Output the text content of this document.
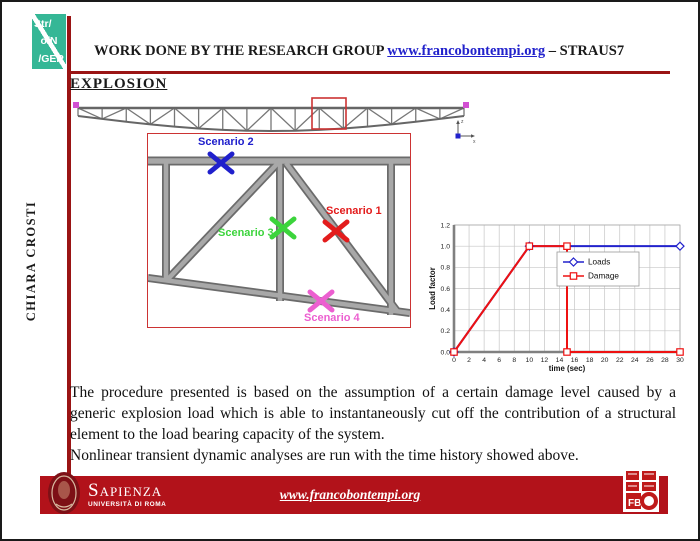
Str/
o/N
/GER WORK DONE BY THE RESEARCH GROUP www.francobontempi.org – STRAUS7
CHIARA CROSTI
EXPLOSION
z
x
Scenario 2
Scenario 1
Scenario 3
Scenario 4
0 2 4 6 8 10 12 14 16 18 20 22 24 26 28 30
0.0
0.2
0.4
0.6
0.8
1.0
1.2
time (sec)
Load factor
Loads
Damage

The procedure presented is based on the assumption of a certain damage level caused by a generic explosion load which is able to instantaneously cut off the contribution of a structural element to the load bearing capacity of the system.

Nonlinear transient dynamic analyses are run with the time history showed above.

Sapienza
UNIVERSITÀ DI ROMA
www.francobontempi.org
FB
